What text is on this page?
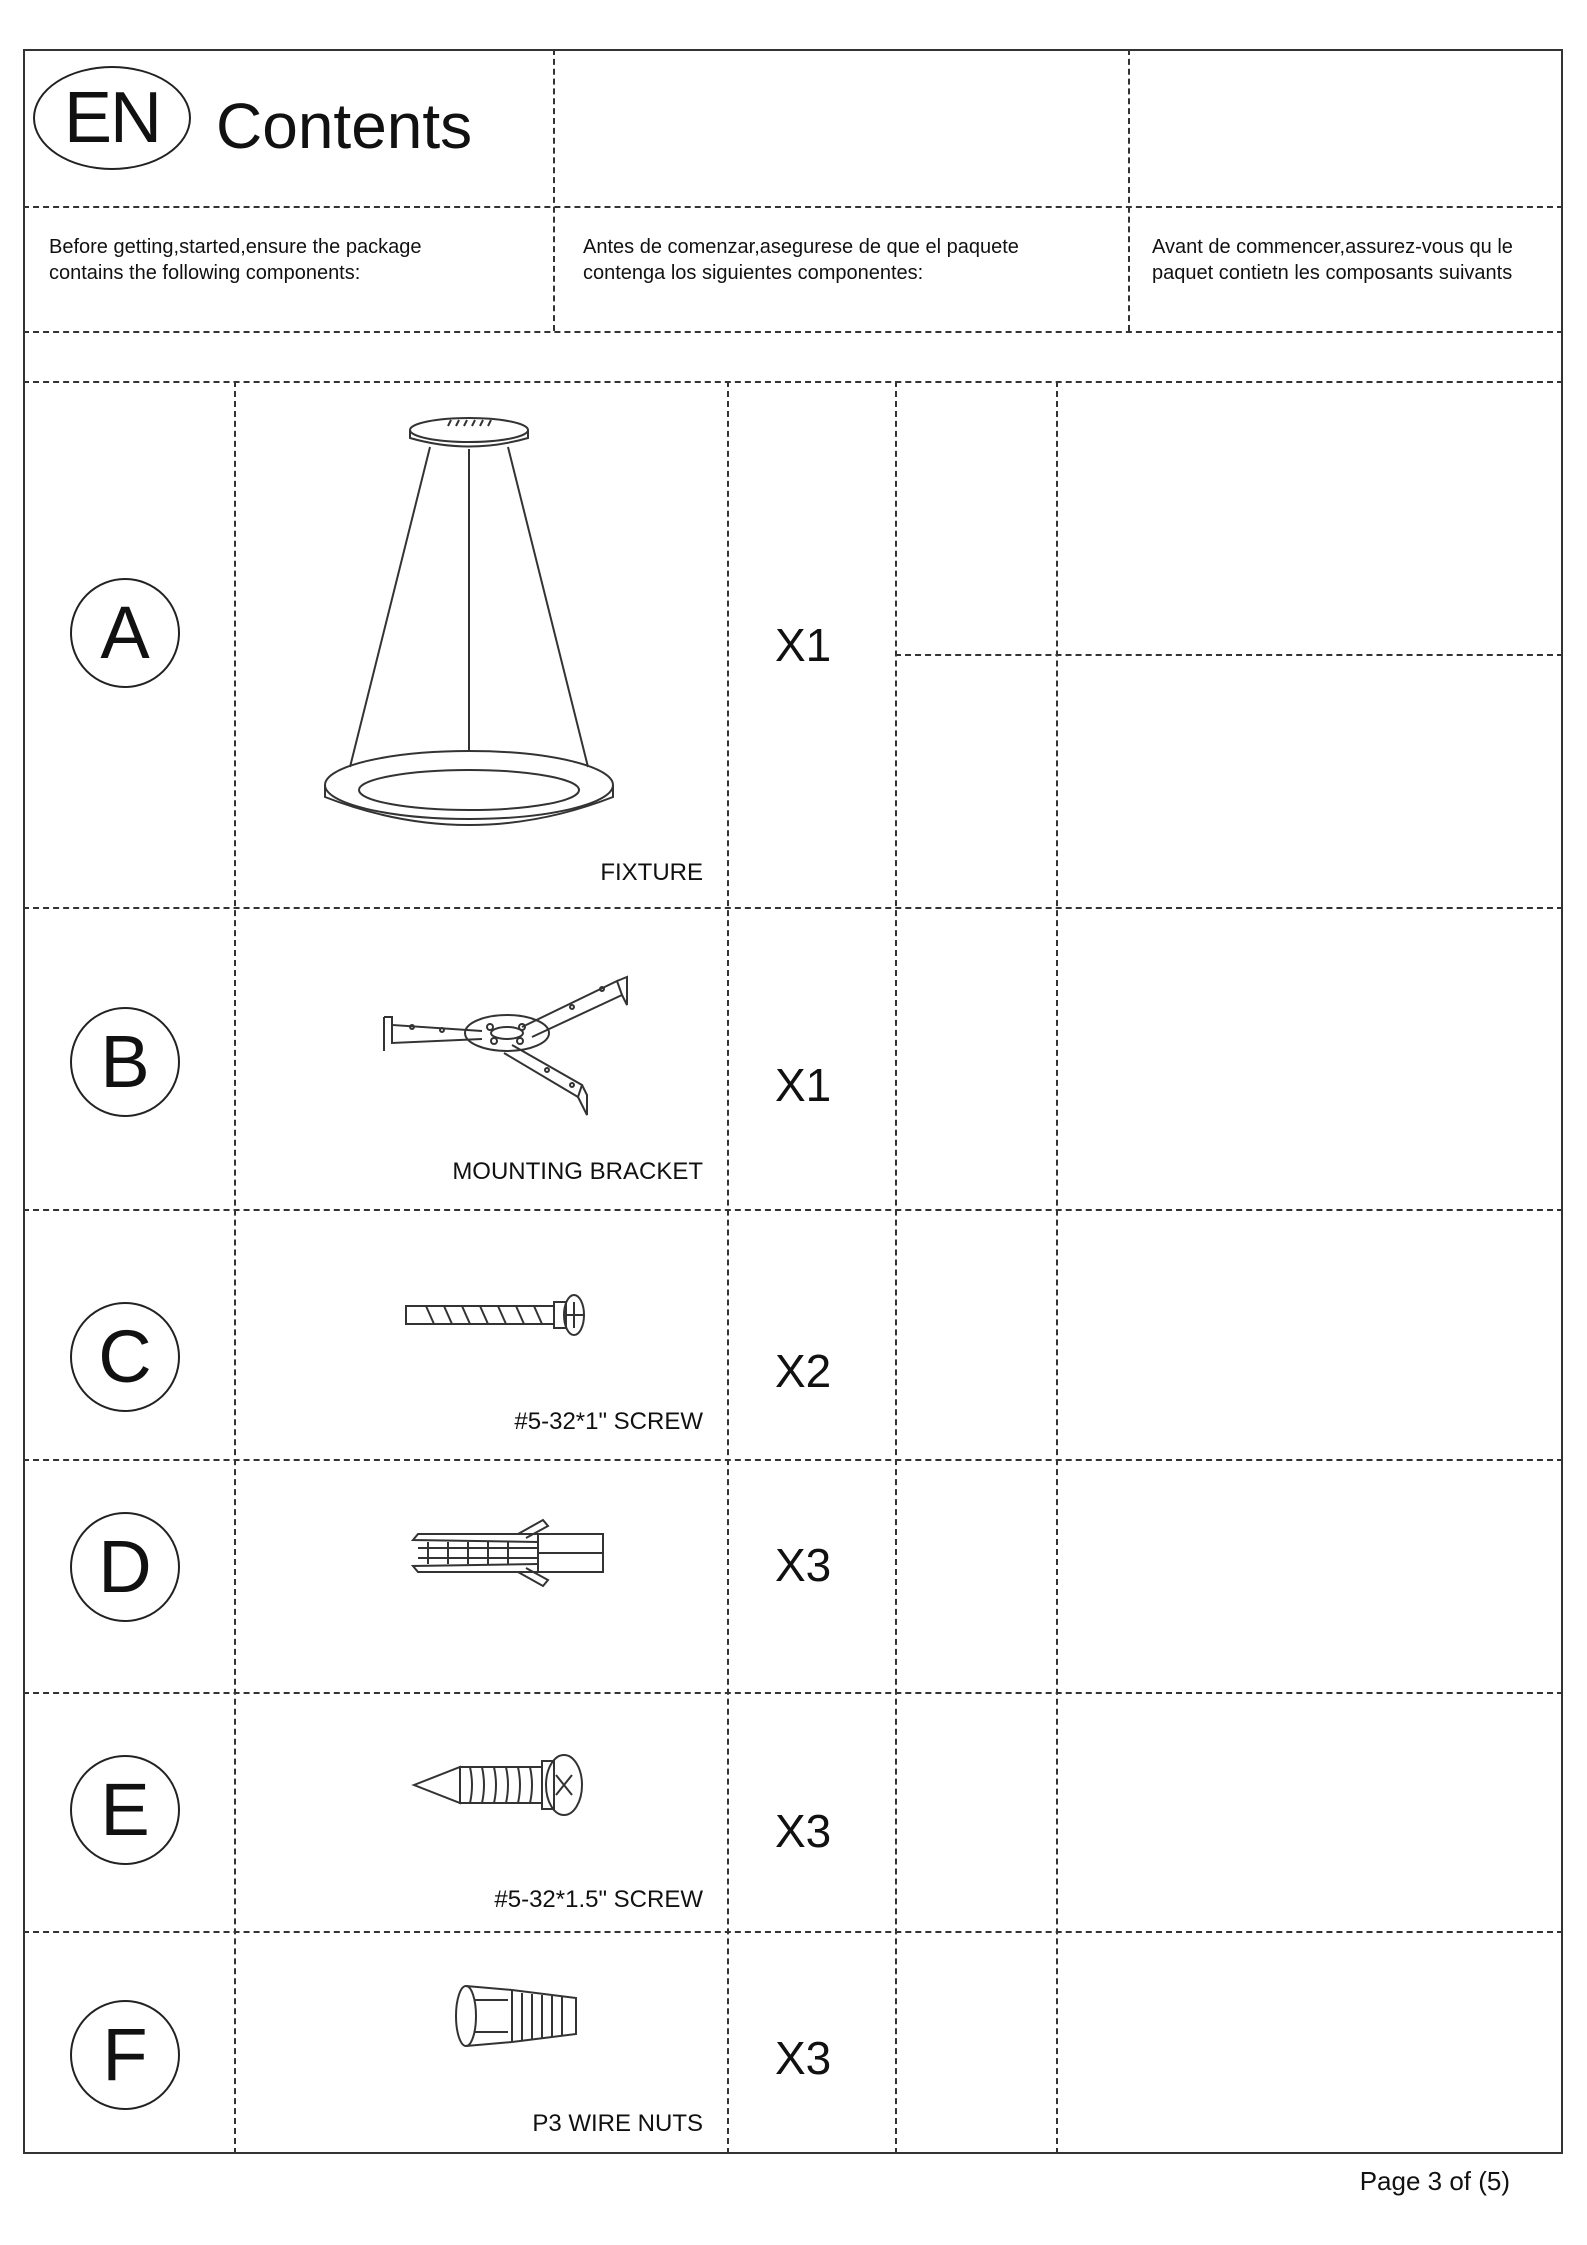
EN Contents
Before getting,started,ensure the package
contains the following components:
Antes de comenzar,asegurese de que el paquete
contenga los siguientes componentes:
Avant de commencer,assurez-vous qu le
paquet contietn les composants suivants
A	X1
FIXTURE
B	X1
MOUNTING BRACKET
C	X2
#5-32*1" SCREW
D	X3
E	X3
#5-32*1.5" SCREW
F	X3
P3 WIRE NUTS
Page 3 of (5)
